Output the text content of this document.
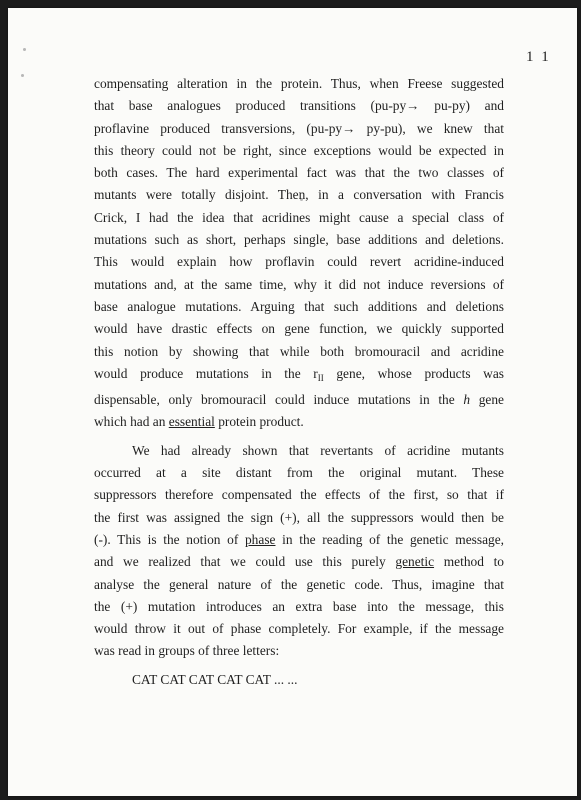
1 1

compensating alteration in the protein. Thus, when Freese suggested
that base analogues produced transitions (pu-py→ pu-py) and
proflavine produced transversions, (pu-py→ py-pu), we knew that
this theory could not be right, since exceptions would be expected in
both cases. The hard experimental fact was that the two classes of
mutants were totally disjoint. Then, in a conversation with Francis
Crick, I had the idea that acridines might cause a special class of
mutations such as short, perhaps single, base additions and deletions.
This would explain how proflavin could revert acridine-induced
mutations and, at the same time, why it did not induce reversions of
base analogue mutations. Arguing that such additions and deletions
would have drastic effects on gene function, we quickly supported
this notion by showing that while both bromouracil and acridine
would produce mutations in the $r_{II}$ gene, whose products was
dispensable, only bromouracil could induce mutations in the h gene
which had an essential protein product.

We had already shown that revertants of acridine mutants
occurred at a site distant from the original mutant. These
suppressors therefore compensated the effects of the first, so that if
the first was assigned the sign (+), all the suppressors would then be
(-). This is the notion of phase in the reading of the genetic message,
and we realized that we could use this purely genetic method to
analyse the general nature of the genetic code. Thus, imagine that
the (+) mutation introduces an extra base into the message, this
would throw it out of phase completely. For example, if the message
was read in groups of three letters:

CAT CAT CAT CAT CAT ... ...
